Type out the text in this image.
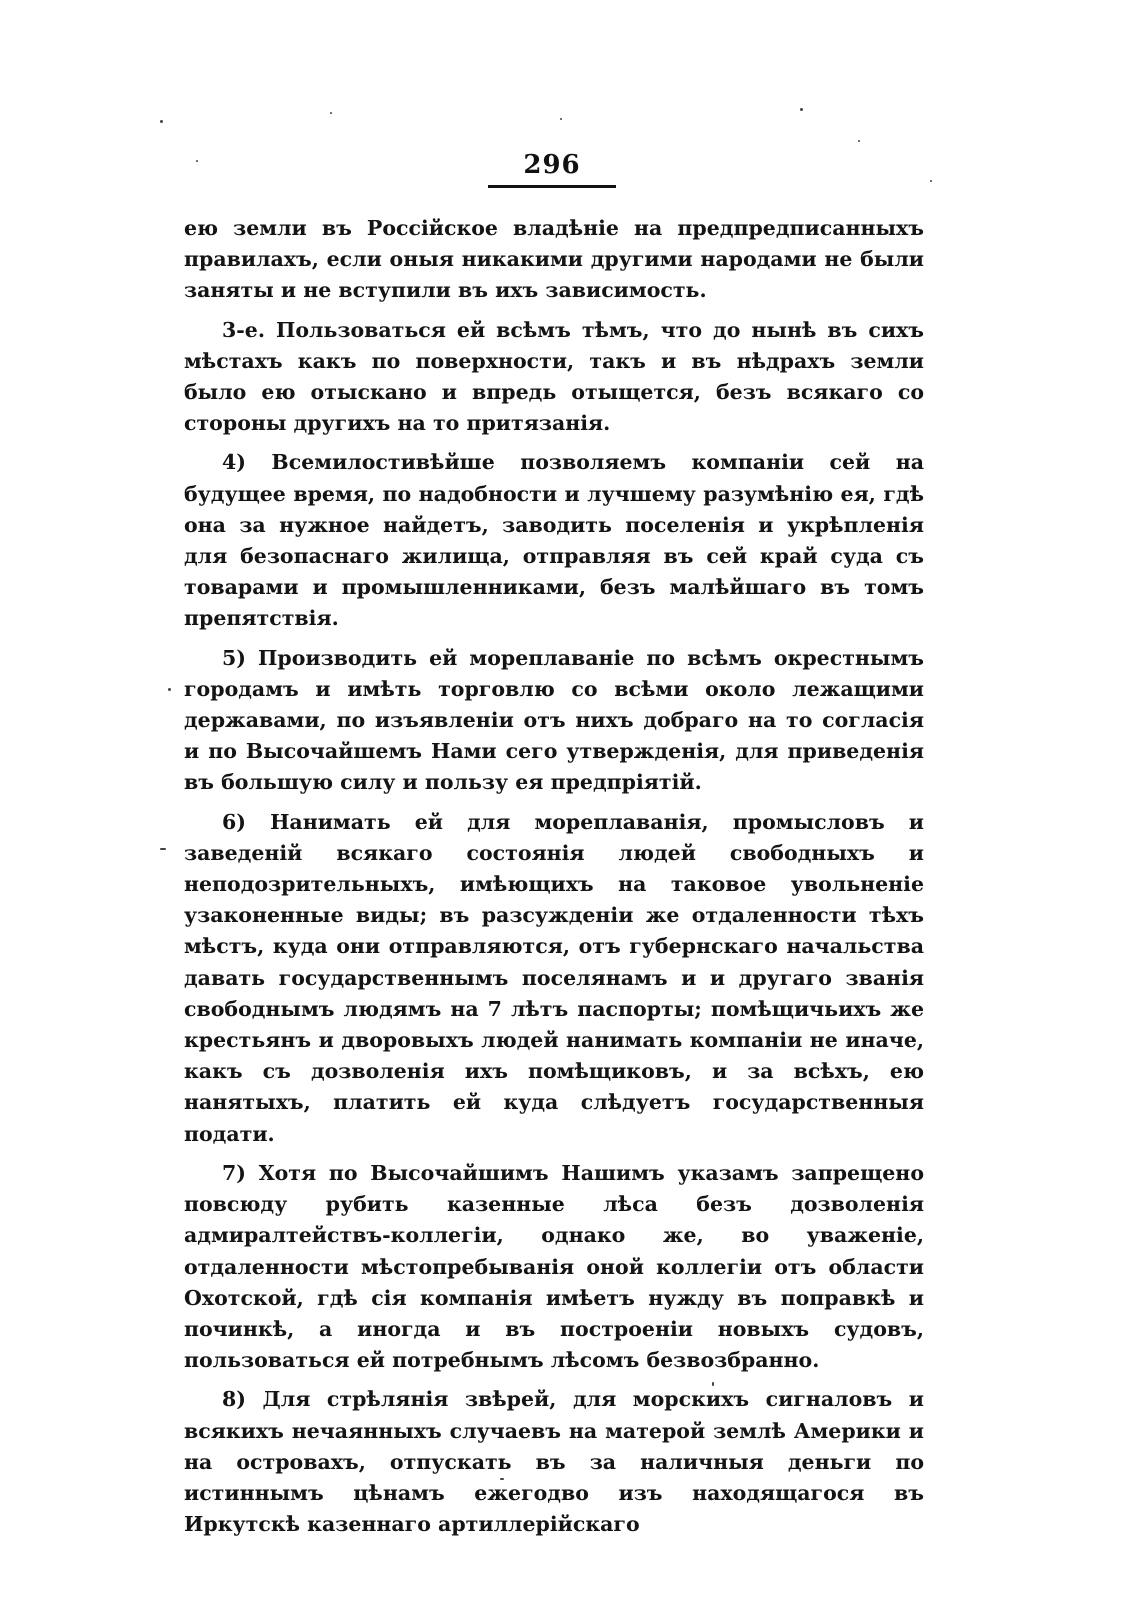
296

ею земли въ Россійское владѣніе на предпредписанныхъ правилахъ, если оныя никакими другими народами не были заняты и не вступили въ ихъ зависимость.

3-е. Пользоваться ей всѣмъ тѣмъ, что до нынѣ въ сихъ мѣстахъ какъ по поверхности, такъ и въ нѣдрахъ земли было ею отыскано и впредь отыщется, безъ всякаго со стороны другихъ на то притязанія.

4) Всемилостивѣйше позволяемъ компаніи сей на будущее время, по надобности и лучшему разумѣнію ея, гдѣ она за нужное найдетъ, заводить поселенія и укрѣпленія для безопаснаго жилища, отправляя въ сей край суда съ товарами и промышленниками, безъ малѣйшаго въ томъ препятствія.

5) Производить ей мореплаваніе по всѣмъ окрестнымъ городамъ и имѣть торговлю со всѣми около лежащими державами, по изъявленіи отъ нихъ добраго на то согласія и по Высочайшемъ Нами сего утвержденія, для приведенія въ большую силу и пользу ея предпріятій.

6) Нанимать ей для мореплаванія, промысловъ и заведеній всякаго состоянія людей свободныхъ и неподозрительныхъ, имѣющихъ на таковое увольненіе узаконенные виды; въ разсужденіи же отдаленности тѣхъ мѣстъ, куда они отправляются, отъ губернскаго начальства давать государственнымъ поселянамъ и и другаго званія свободнымъ людямъ на 7 лѣтъ паспорты; помѣщичьихъ же крестьянъ и дворовыхъ людей нанимать компаніи не иначе, какъ съ дозволенія ихъ помѣщиковъ, и за всѣхъ, ею нанятыхъ, платить ей куда слѣдуетъ государственныя подати.

7) Хотя по Высочайшимъ Нашимъ указамъ запрещено повсюду рубить казенные лѣса безъ дозволенія адмиралтействъ-коллегіи, однако же, во уваженіе, отдаленности мѣстопребыванія оной коллегіи отъ области Охотской, гдѣ сія компанія имѣетъ нужду въ поправкѣ и починкѣ, а иногда и въ построеніи новыхъ судовъ, пользоваться ей потребнымъ лѣсомъ безвозбранно.

8) Для стрѣлянія звѣрей, для морскихъ сигналовъ и всякихъ нечаянныхъ случаевъ на матерой землѣ Америки и на островахъ, отпускать въ за наличныя деньги по истиннымъ цѣнамъ ежегодво изъ находящагося въ Иркутскѣ казеннаго артиллерійскаго
